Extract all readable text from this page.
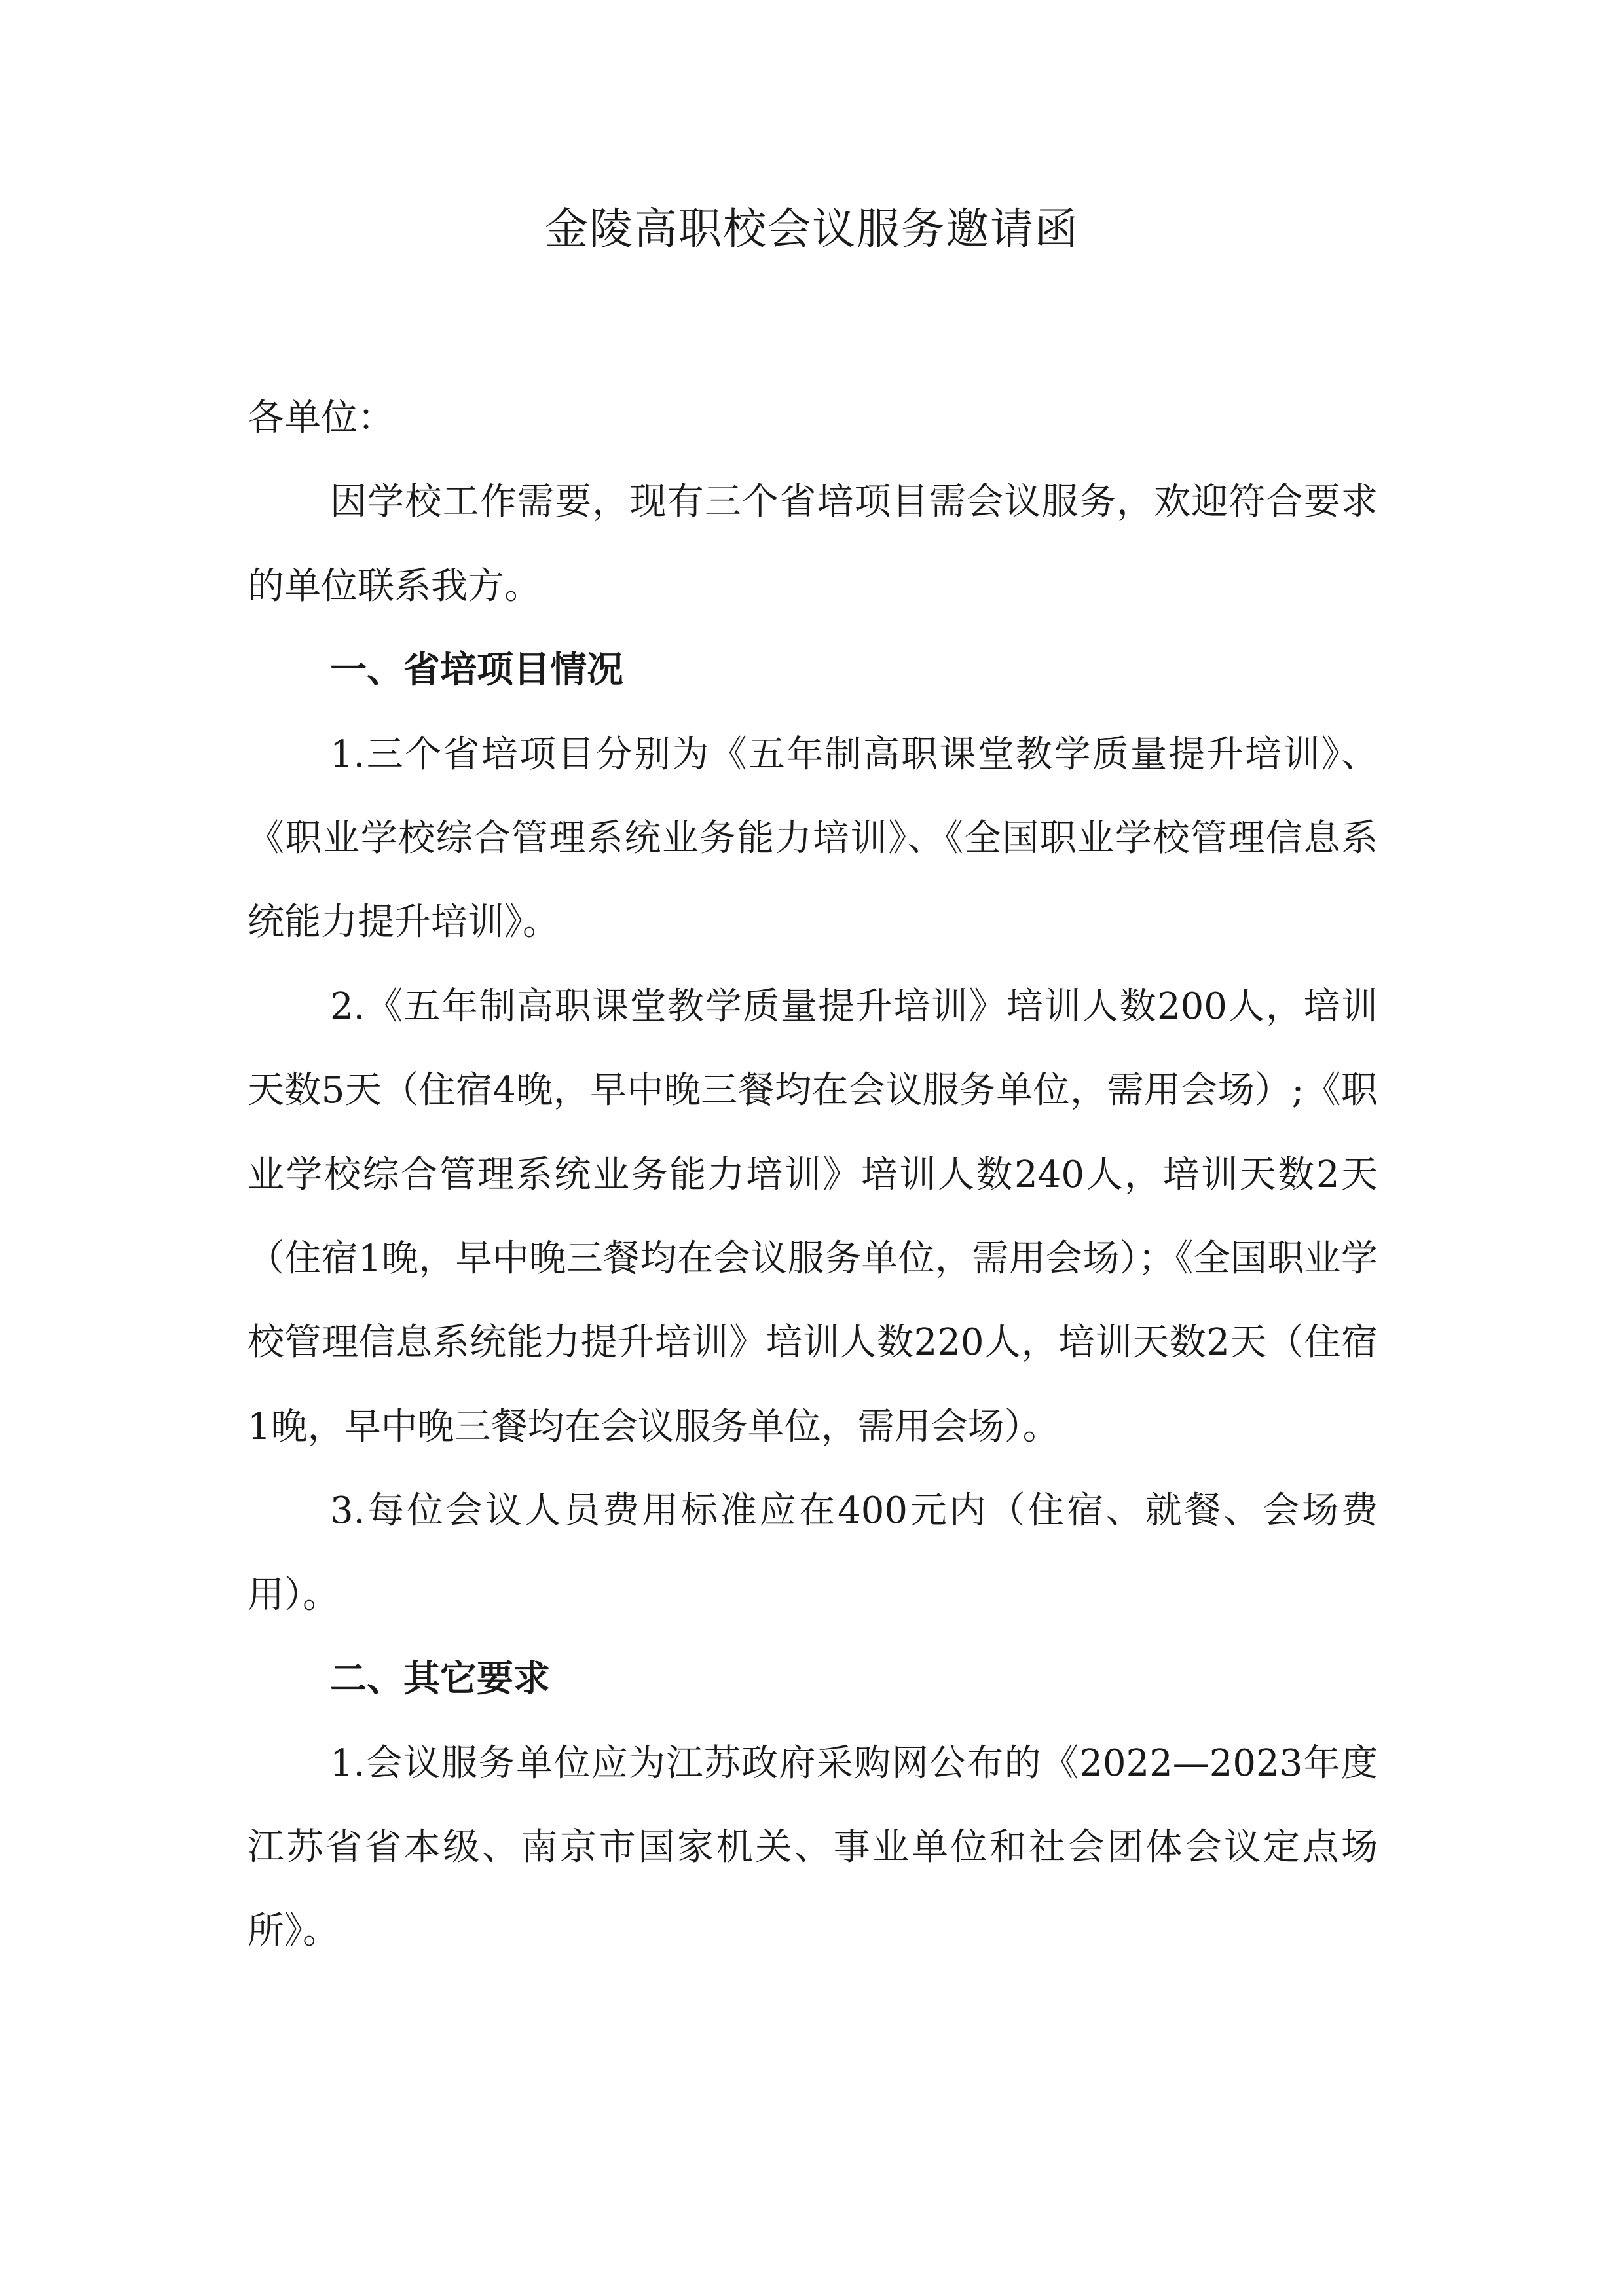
金陵高职校会议服务邀请函

各单位：

因学校工作需要，现有三个省培项目需会议服务，欢迎符合要求的单位联系我方。

一、省培项目情况

1.三个省培项目分别为《五年制高职课堂教学质量提升培训》、《职业学校综合管理系统业务能力培训》、《全国职业学校管理信息系统能力提升培训》。

2.《五年制高职课堂教学质量提升培训》培训人数200人，培训天数5天（住宿4晚，早中晚三餐均在会议服务单位，需用会场）;《职业学校综合管理系统业务能力培训》培训人数240人，培训天数2天（住宿1晚，早中晚三餐均在会议服务单位，需用会场）；《全国职业学校管理信息系统能力提升培训》培训人数220人，培训天数2天（住宿1晚，早中晚三餐均在会议服务单位，需用会场）。

3.每位会议人员费用标准应在400元内（住宿、就餐、会场费用）。

二、其它要求

1.会议服务单位应为江苏政府采购网公布的《2022—2023年度江苏省省本级、南京市国家机关、事业单位和社会团体会议定点场所》。
